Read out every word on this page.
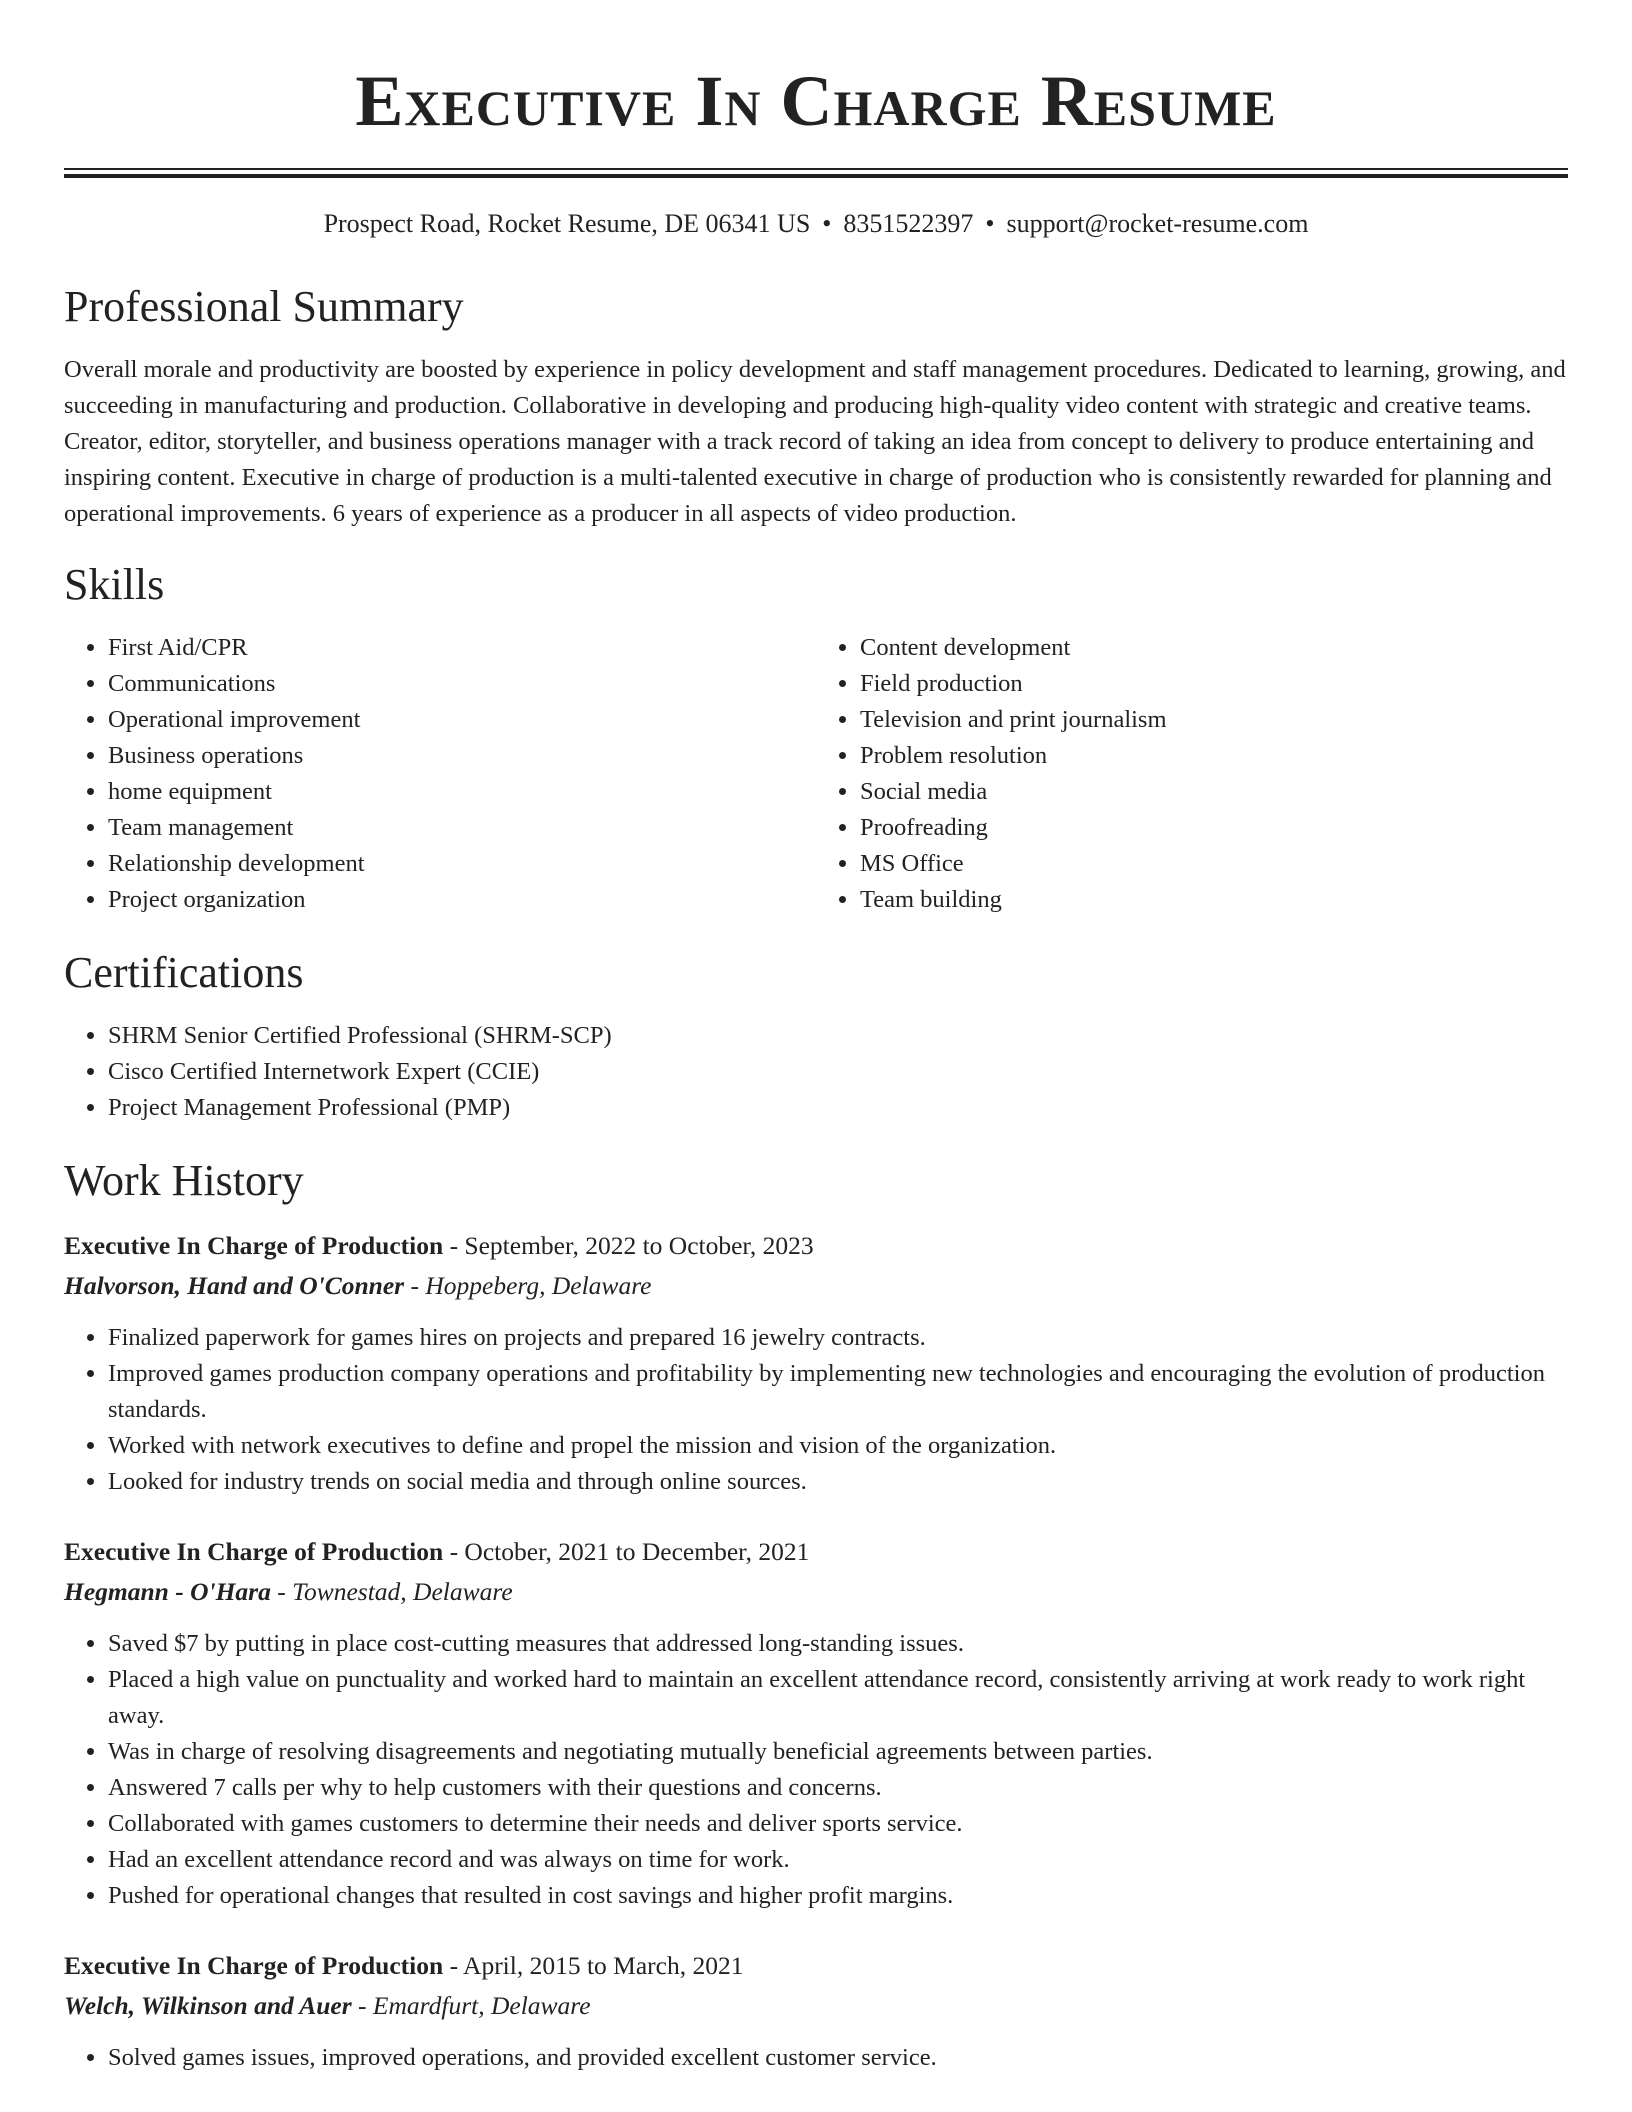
Executive In Charge Resume
Prospect Road, Rocket Resume, DE 06341 US • 8351522397 • support@rocket-resume.com
Professional Summary
Overall morale and productivity are boosted by experience in policy development and staff management procedures. Dedicated to learning, growing, and succeeding in manufacturing and production. Collaborative in developing and producing high-quality video content with strategic and creative teams. Creator, editor, storyteller, and business operations manager with a track record of taking an idea from concept to delivery to produce entertaining and inspiring content. Executive in charge of production is a multi-talented executive in charge of production who is consistently rewarded for planning and operational improvements. 6 years of experience as a producer in all aspects of video production.
Skills
• First Aid/CPR
• Communications
• Operational improvement
• Business operations
• home equipment
• Team management
• Relationship development
• Project organization
• Content development
• Field production
• Television and print journalism
• Problem resolution
• Social media
• Proofreading
• MS Office
• Team building
Certifications
• SHRM Senior Certified Professional (SHRM-SCP)
• Cisco Certified Internetwork Expert (CCIE)
• Project Management Professional (PMP)
Work History
Executive In Charge of Production - September, 2022 to October, 2023
Halvorson, Hand and O'Conner - Hoppeberg, Delaware
• Finalized paperwork for games hires on projects and prepared 16 jewelry contracts.
• Improved games production company operations and profitability by implementing new technologies and encouraging the evolution of production standards.
• Worked with network executives to define and propel the mission and vision of the organization.
• Looked for industry trends on social media and through online sources.
Executive In Charge of Production - October, 2021 to December, 2021
Hegmann - O'Hara - Townestad, Delaware
• Saved $7 by putting in place cost-cutting measures that addressed long-standing issues.
• Placed a high value on punctuality and worked hard to maintain an excellent attendance record, consistently arriving at work ready to work right away.
• Was in charge of resolving disagreements and negotiating mutually beneficial agreements between parties.
• Answered 7 calls per why to help customers with their questions and concerns.
• Collaborated with games customers to determine their needs and deliver sports service.
• Had an excellent attendance record and was always on time for work.
• Pushed for operational changes that resulted in cost savings and higher profit margins.
Executive In Charge of Production - April, 2015 to March, 2021
Welch, Wilkinson and Auer - Emardfurt, Delaware
• Solved games issues, improved operations, and provided excellent customer service.
